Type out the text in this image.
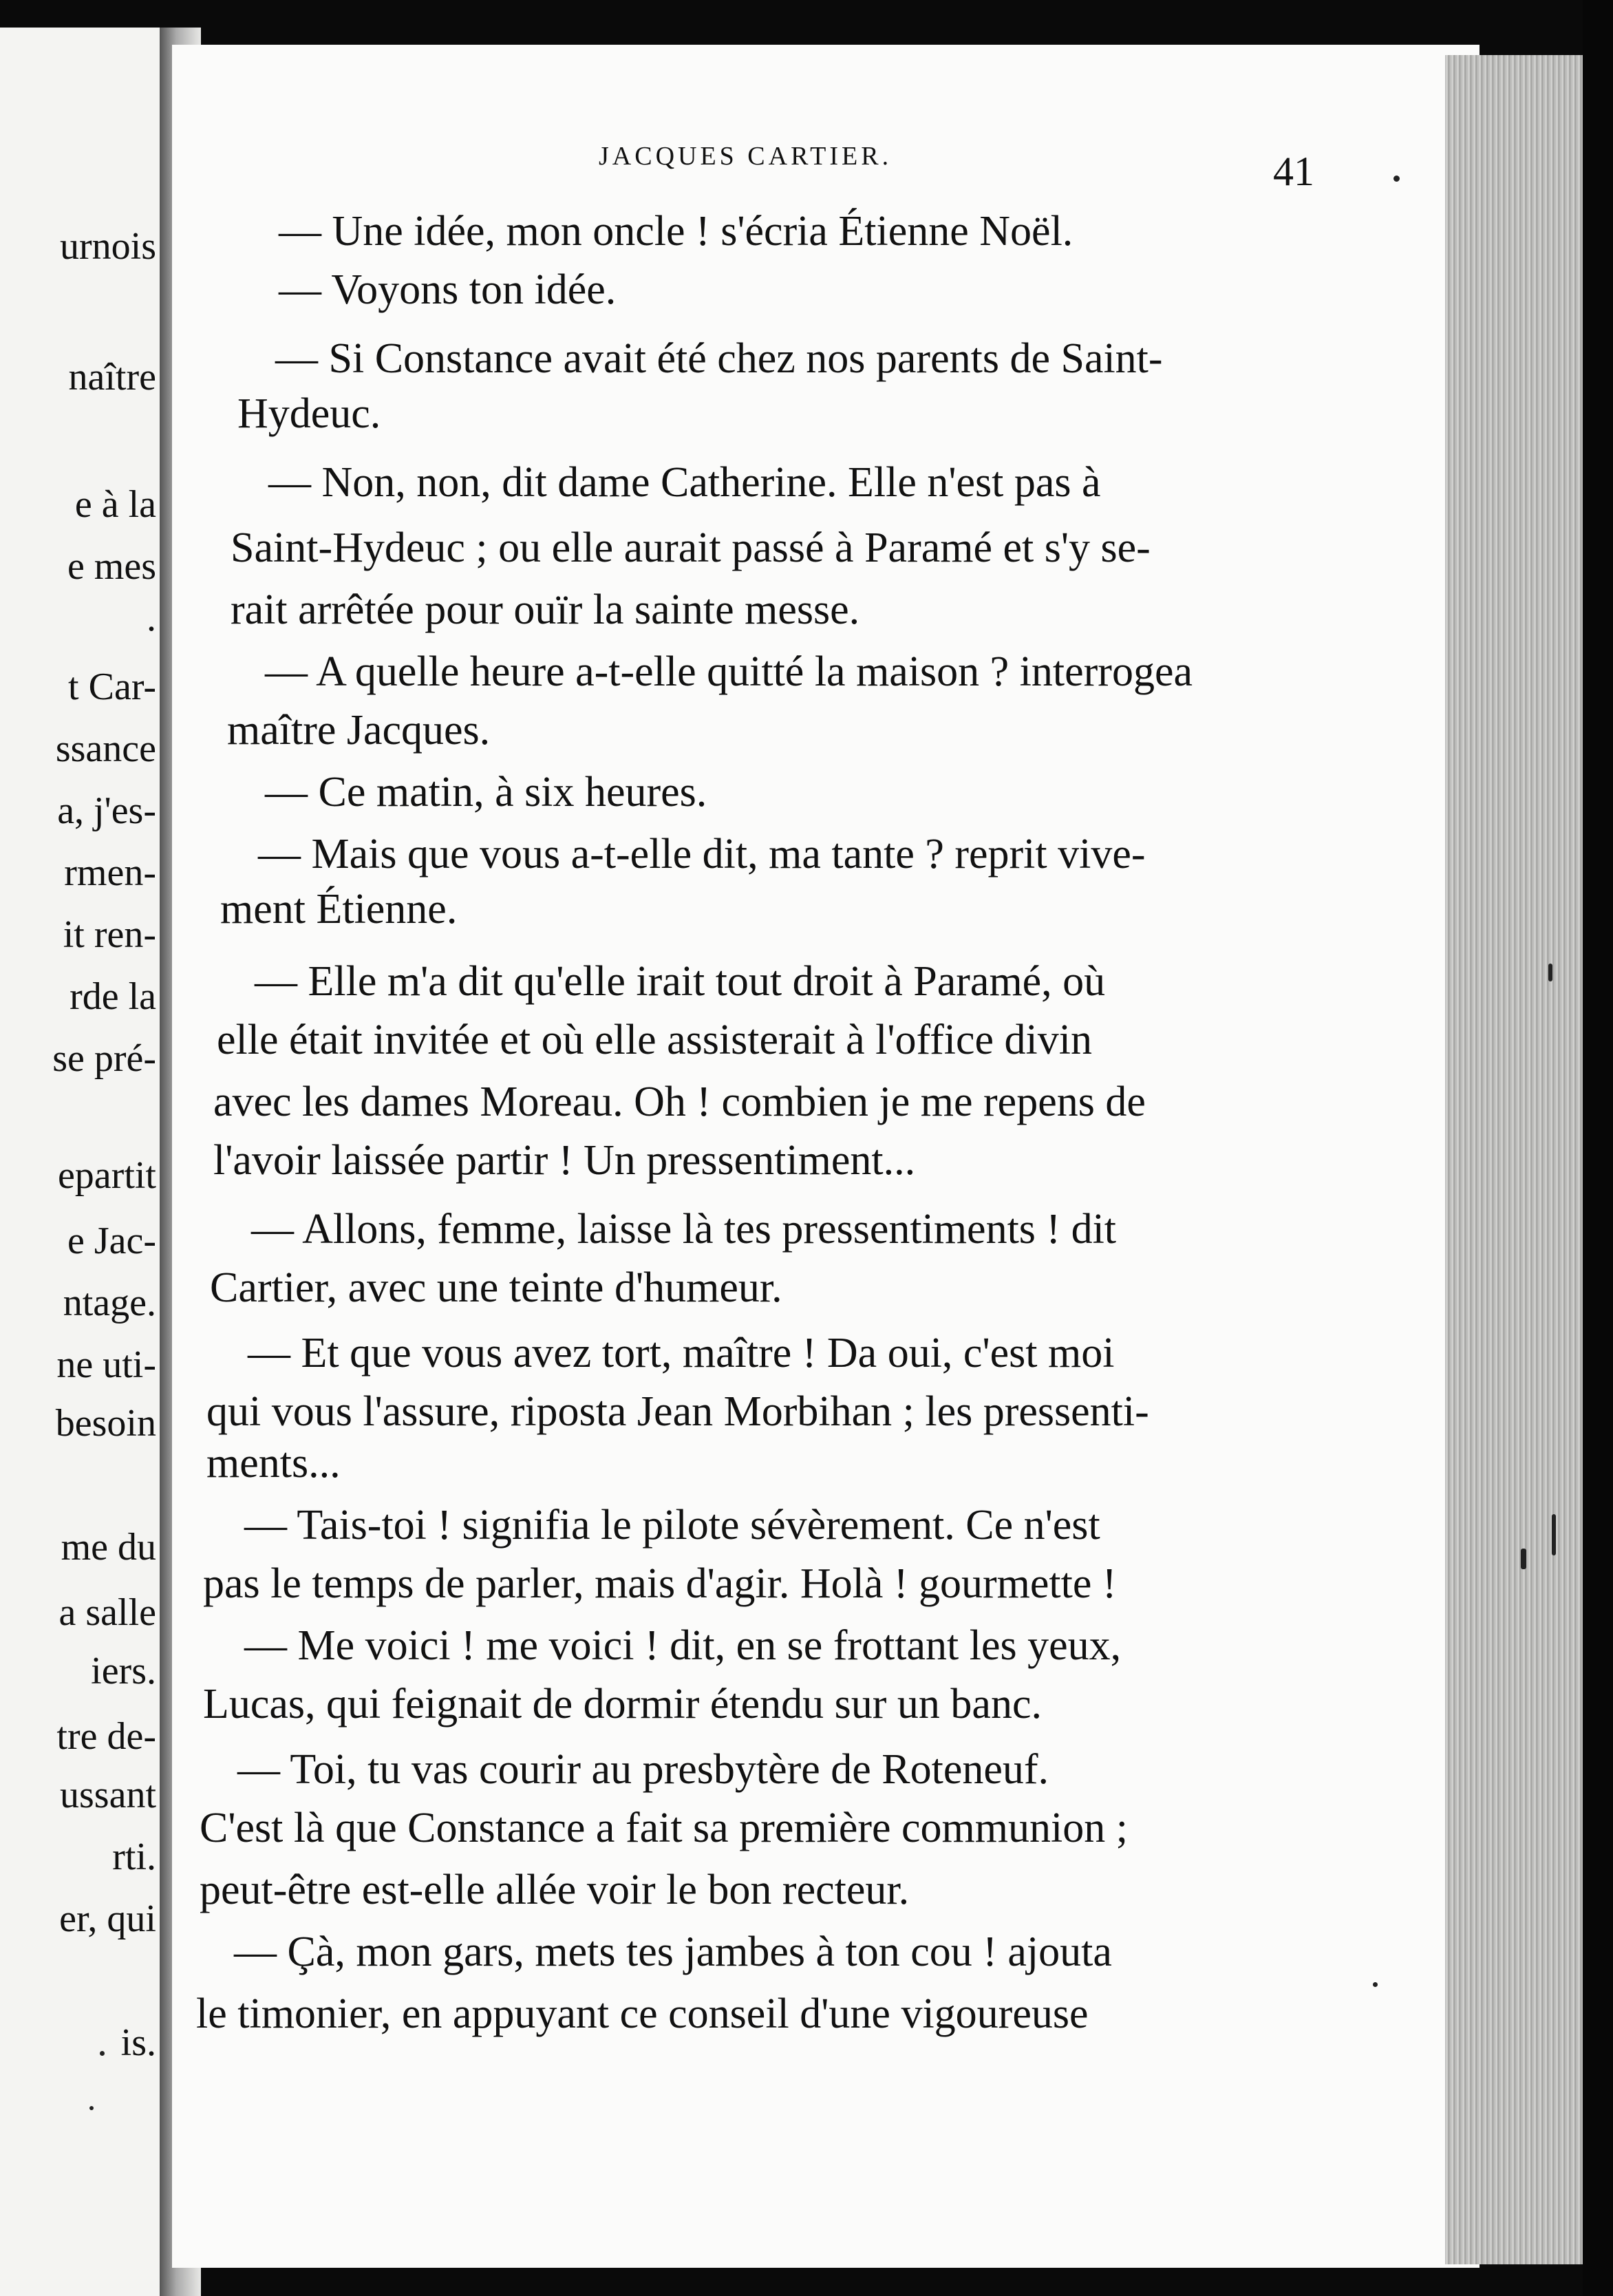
urnois

naître

e à la

e mes

.

t Car-

ssance

a, j'es-

rmen-

it ren-

rde la

se pré-

epartit

e Jac-

ntage.

ne uti-

besoin

me du

a salle

iers.

tre de-

ussant

rti.

er, qui

is.

JACQUES CARTIER.	41

— Une idée, mon oncle ! s'écria Étienne Noël.

— Voyons ton idée.

— Si Constance avait été chez nos parents de Saint-

Hydeuc.

— Non, non, dit dame Catherine. Elle n'est pas à

Saint-Hydeuc ; ou elle aurait passé à Paramé et s'y se-

rait arrêtée pour ouïr la sainte messe.

— A quelle heure a-t-elle quitté la maison ? interrogea

maître Jacques.

— Ce matin, à six heures.

— Mais que vous a-t-elle dit, ma tante ? reprit vive-

ment Étienne.

— Elle m'a dit qu'elle irait tout droit à Paramé, où

elle était invitée et où elle assisterait à l'office divin

avec les dames Moreau. Oh ! combien je me repens de

l'avoir laissée partir ! Un pressentiment...

— Allons, femme, laisse là tes pressentiments ! dit

Cartier, avec une teinte d'humeur.

— Et que vous avez tort, maître ! Da oui, c'est moi

qui vous l'assure, riposta Jean Morbihan ; les pressenti-

ments...

— Tais-toi ! signifia le pilote sévèrement. Ce n'est

pas le temps de parler, mais d'agir. Holà ! gourmette !

— Me voici ! me voici ! dit, en se frottant les yeux,

Lucas, qui feignait de dormir étendu sur un banc.

— Toi, tu vas courir au presbytère de Roteneuf.

C'est là que Constance a fait sa première communion ;

peut-être est-elle allée voir le bon recteur.

— Çà, mon gars, mets tes jambes à ton cou ! ajouta

le timonier, en appuyant ce conseil d'une vigoureuse
